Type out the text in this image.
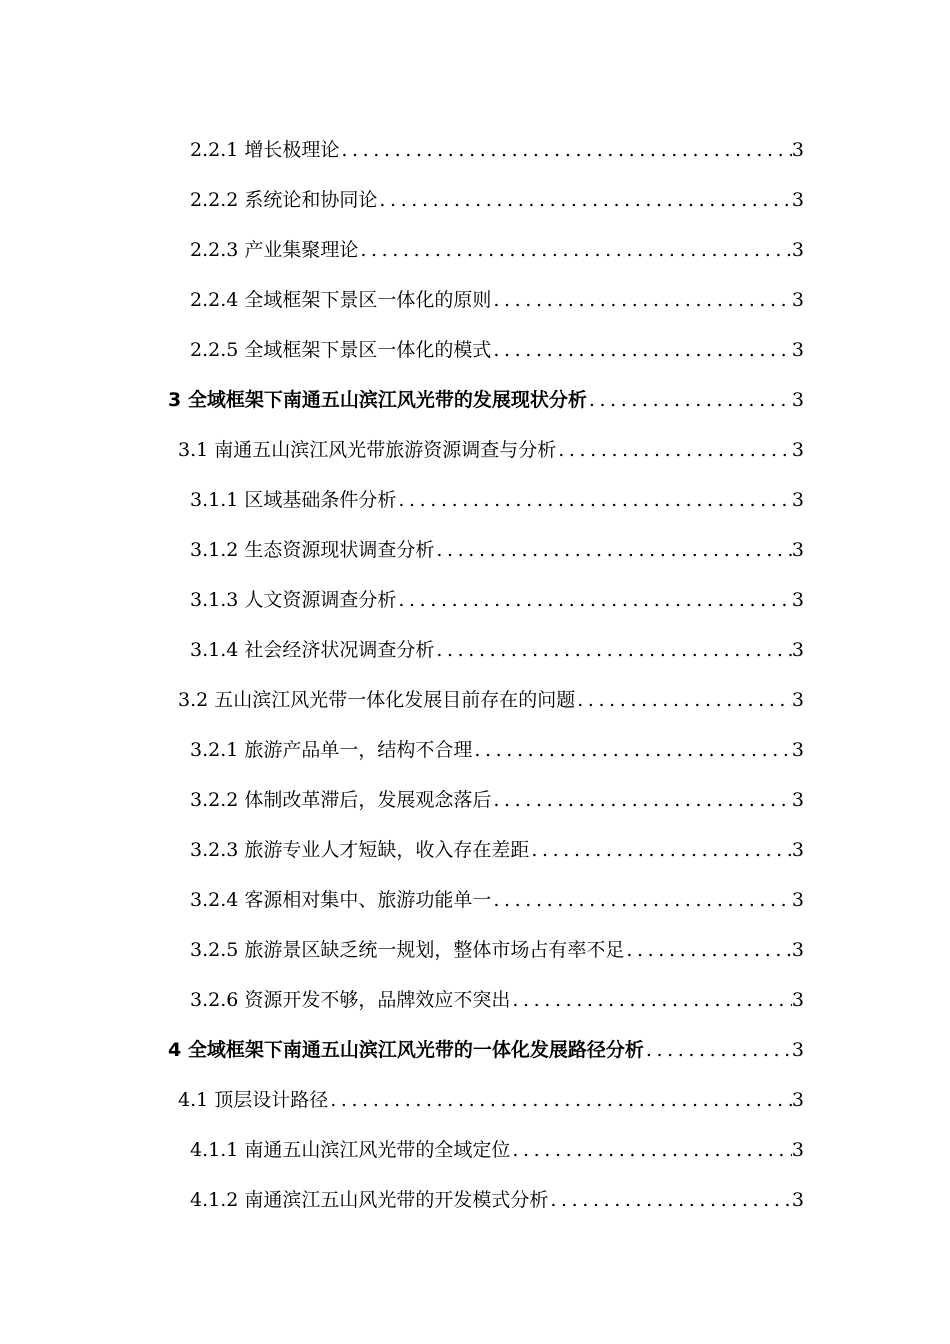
2.2.1 增长极理论 .....	3
2.2.2 系统论和协同论 .....	3
2.2.3 产业集聚理论 .....	3
2.2.4 全域框架下景区一体化的原则 .....	3
2.2.5 全域框架下景区一体化的模式 .....	3
3 全域框架下南通五山滨江风光带的发展现状分析 .....	3
3.1 南通五山滨江风光带旅游资源调查与分析 .....	3
3.1.1 区域基础条件分析 .....	3
3.1.2 生态资源现状调查分析 .....	3
3.1.3 人文资源调查分析 .....	3
3.1.4 社会经济状况调查分析 .....	3
3.2 五山滨江风光带一体化发展目前存在的问题 .....	3
3.2.1 旅游产品单一，结构不合理 .....	3
3.2.2 体制改革滞后，发展观念落后 .....	3
3.2.3 旅游专业人才短缺，收入存在差距 .....	3
3.2.4 客源相对集中、旅游功能单一 .....	3
3.2.5 旅游景区缺乏统一规划，整体市场占有率不足 .....	3
3.2.6 资源开发不够，品牌效应不突出 .....	3
4 全域框架下南通五山滨江风光带的一体化发展路径分析 .....	3
4.1 顶层设计路径 .....	3
4.1.1 南通五山滨江风光带的全域定位 .....	3
4.1.2 南通滨江五山风光带的开发模式分析 .....	3
